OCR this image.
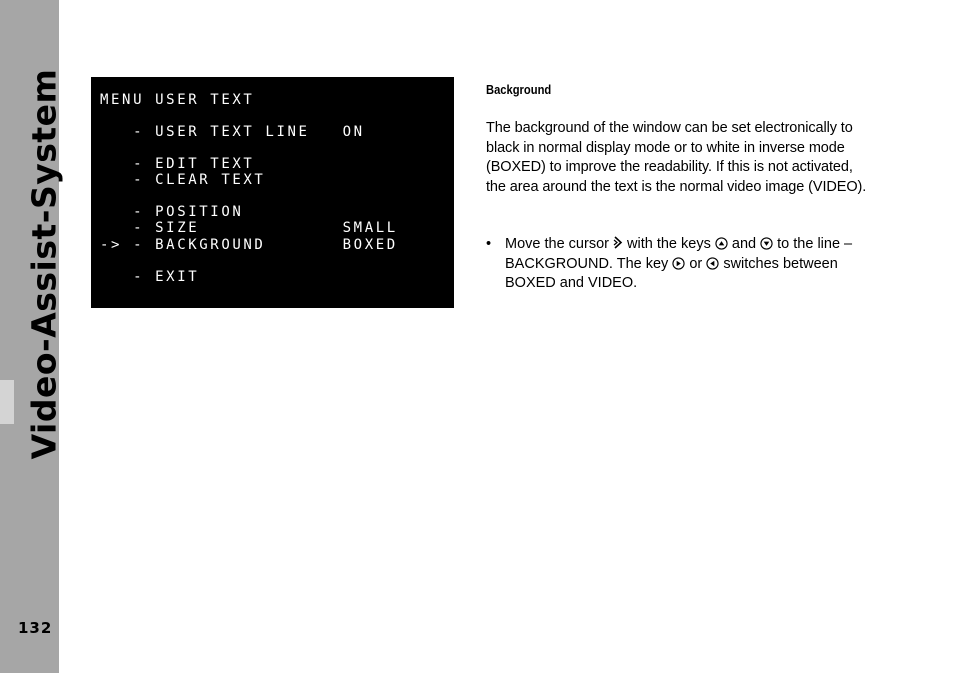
Video-Assist-System
132
MENU USER TEXT
- USER TEXT LINE   ON
- EDIT TEXT
- CLEAR TEXT
- POSITION
- SIZE             SMALL
-> - BACKGROUND       BOXED
- EXIT
Background

The background of the window can be set electronically to black in normal display mode or to white in inverse mode (BOXED) to improve the readability. If this is not activated, the area around the text is the normal video image (VIDEO).

• Move the cursor  with the keys  and  to the line – BACKGROUND. The key  or  switches between BOXED and VIDEO.
